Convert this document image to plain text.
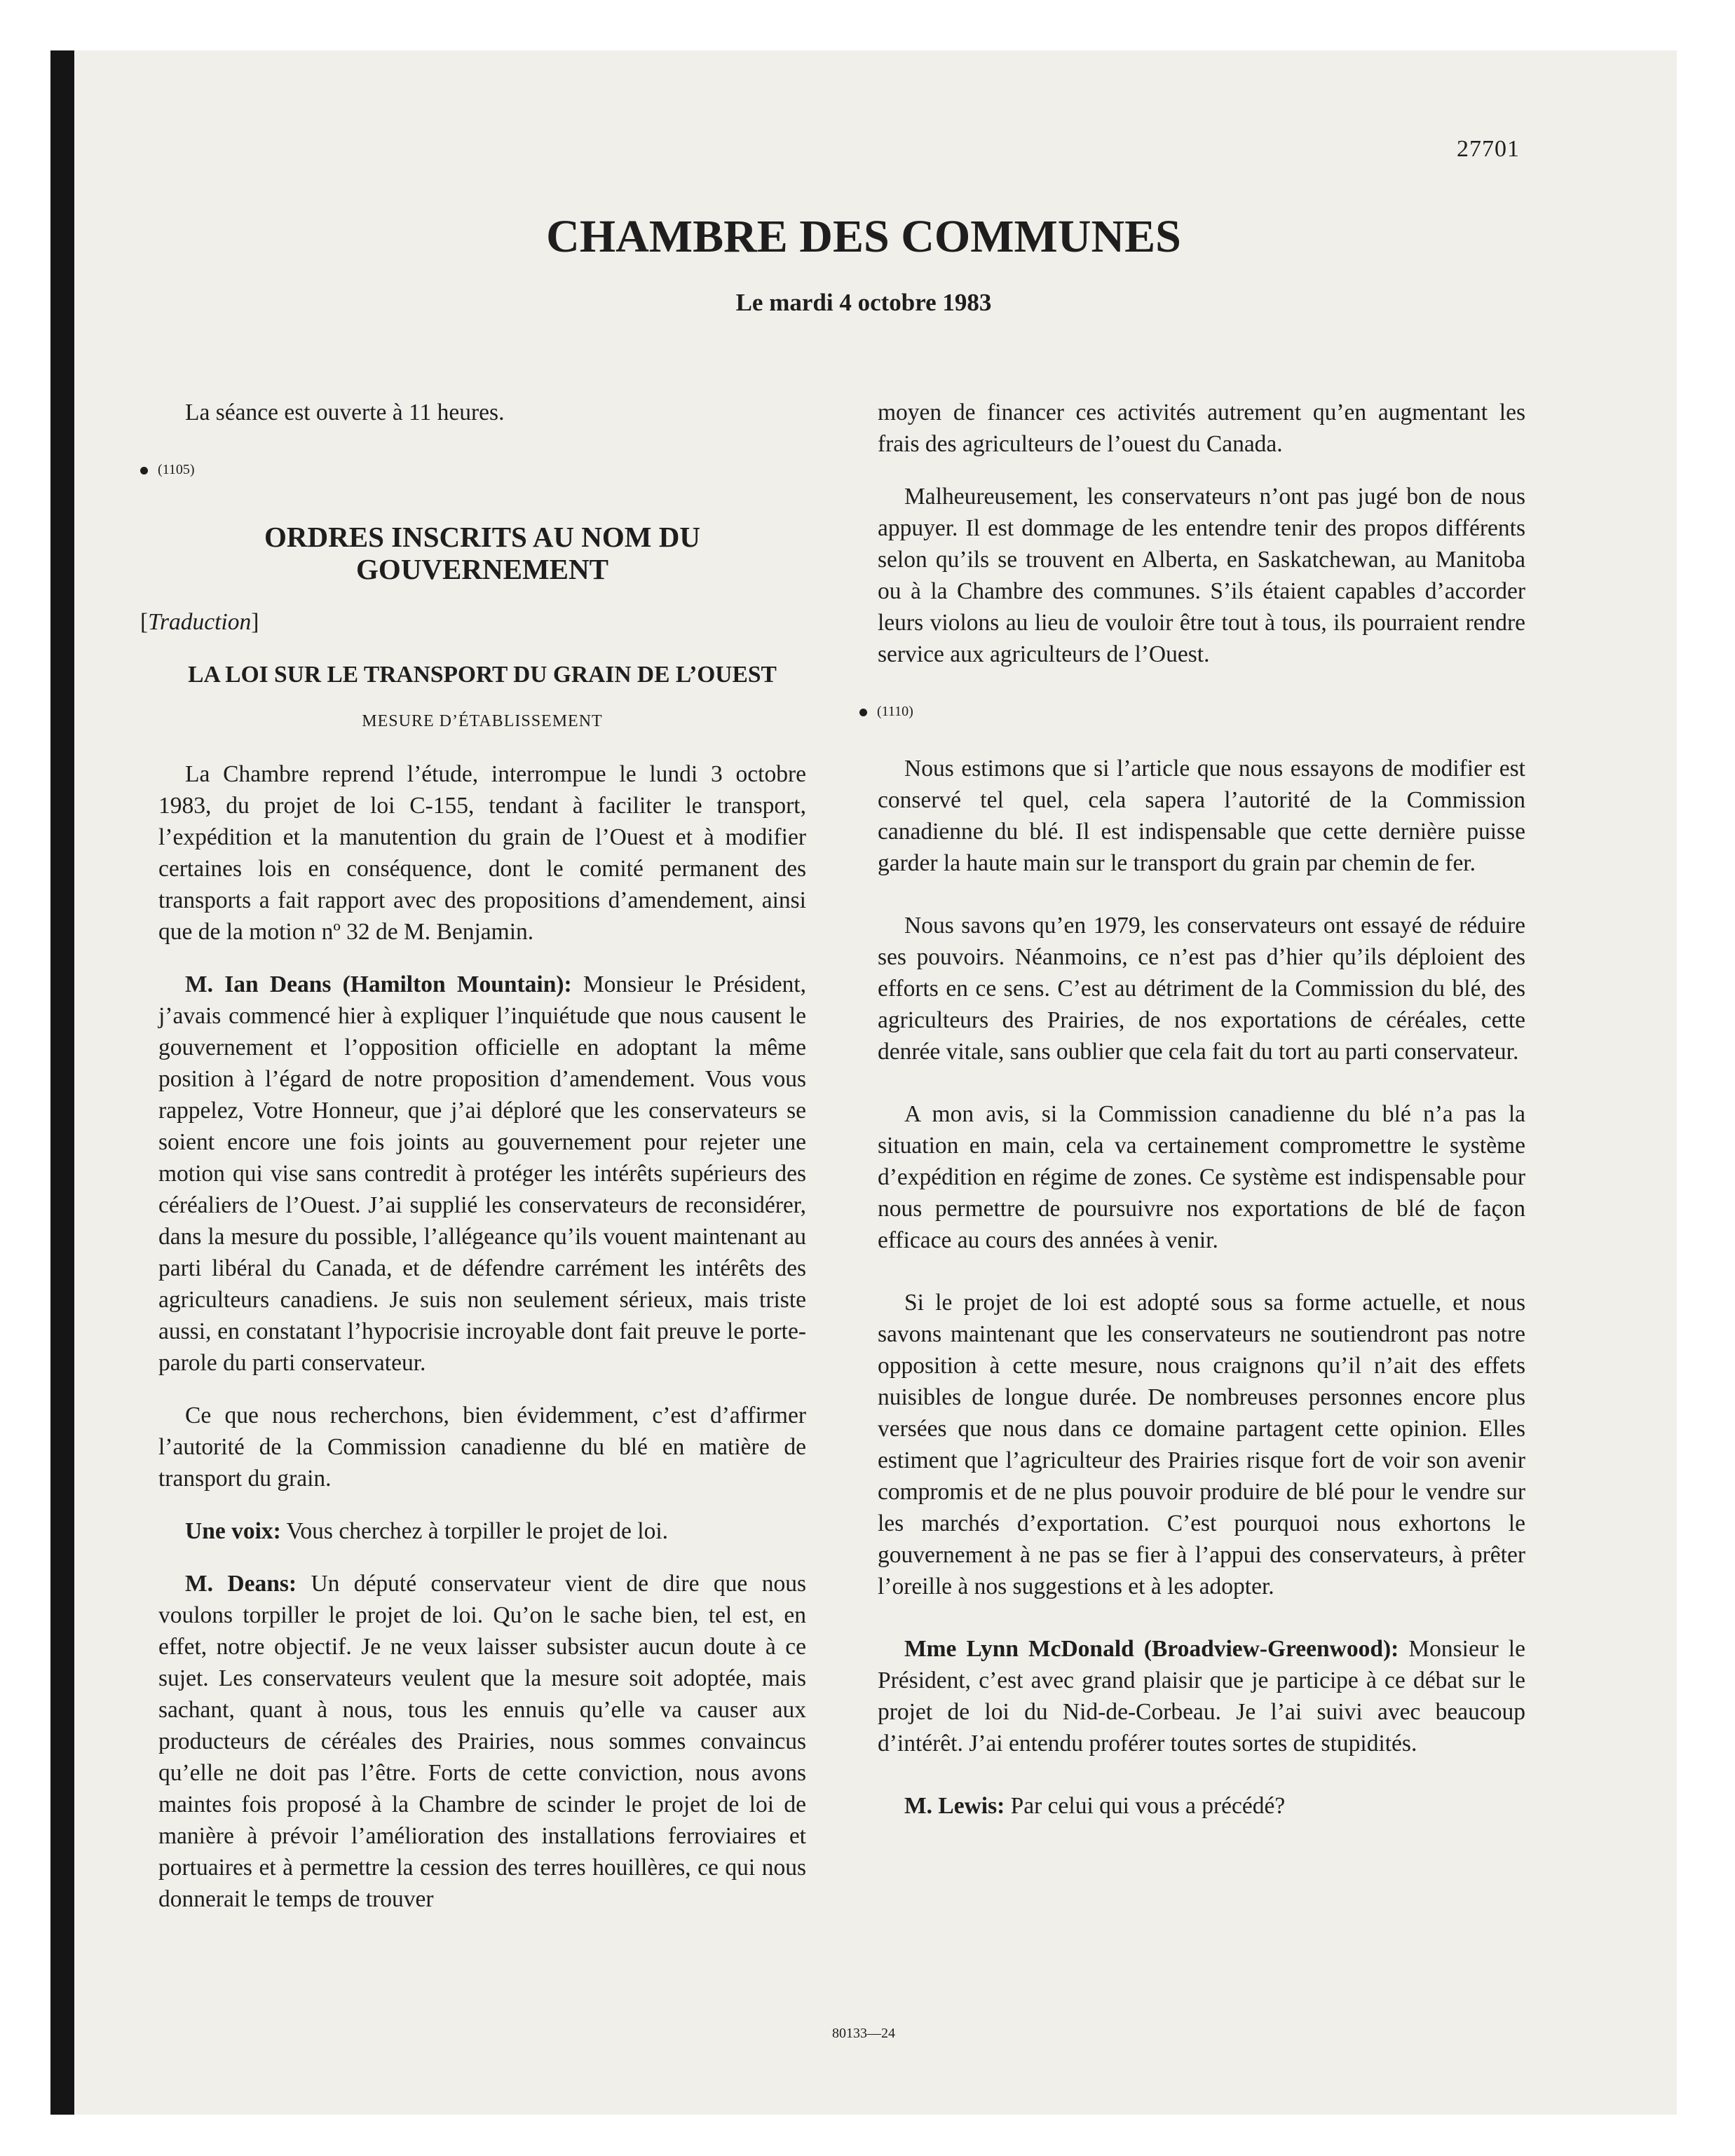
27701
CHAMBRE DES COMMUNES
Le mardi 4 octobre 1983

La séance est ouverte à 11 heures.

(1105)
ORDRES INSCRITS AU NOM DU GOUVERNEMENT
[Traduction]
LA LOI SUR LE TRANSPORT DU GRAIN DE L’OUEST
MESURE D’ÉTABLISSEMENT

La Chambre reprend l’étude, interrompue le lundi 3 octobre 1983, du projet de loi C-155, tendant à faciliter le transport, l’expédition et la manutention du grain de l’Ouest et à modifier certaines lois en conséquence, dont le comité permanent des transports a fait rapport avec des propositions d’amendement, ainsi que de la motion nº 32 de M. Benjamin.

M. Ian Deans (Hamilton Mountain): Monsieur le Président, j’avais commencé hier à expliquer l’inquiétude que nous causent le gouvernement et l’opposition officielle en adoptant la même position à l’égard de notre proposition d’amendement. Vous vous rappelez, Votre Honneur, que j’ai déploré que les conservateurs se soient encore une fois joints au gouvernement pour rejeter une motion qui vise sans contredit à protéger les intérêts supérieurs des céréaliers de l’Ouest. J’ai supplié les conservateurs de reconsidérer, dans la mesure du possible, l’allégeance qu’ils vouent maintenant au parti libéral du Canada, et de défendre carrément les intérêts des agriculteurs canadiens. Je suis non seulement sérieux, mais triste aussi, en constatant l’hypocrisie incroyable dont fait preuve le porte-parole du parti conservateur.

Ce que nous recherchons, bien évidemment, c’est d’affirmer l’autorité de la Commission canadienne du blé en matière de transport du grain.

Une voix: Vous cherchez à torpiller le projet de loi.

M. Deans: Un député conservateur vient de dire que nous voulons torpiller le projet de loi. Qu’on le sache bien, tel est, en effet, notre objectif. Je ne veux laisser subsister aucun doute à ce sujet. Les conservateurs veulent que la mesure soit adoptée, mais sachant, quant à nous, tous les ennuis qu’elle va causer aux producteurs de céréales des Prairies, nous sommes convaincus qu’elle ne doit pas l’être. Forts de cette conviction, nous avons maintes fois proposé à la Chambre de scinder le projet de loi de manière à prévoir l’amélioration des installations ferroviaires et portuaires et à permettre la cession des terres houillères, ce qui nous donnerait le temps de trouver

moyen de financer ces activités autrement qu’en augmentant les frais des agriculteurs de l’ouest du Canada.

Malheureusement, les conservateurs n’ont pas jugé bon de nous appuyer. Il est dommage de les entendre tenir des propos différents selon qu’ils se trouvent en Alberta, en Saskatchewan, au Manitoba ou à la Chambre des communes. S’ils étaient capables d’accorder leurs violons au lieu de vouloir être tout à tous, ils pourraient rendre service aux agriculteurs de l’Ouest.

(1110)

Nous estimons que si l’article que nous essayons de modifier est conservé tel quel, cela sapera l’autorité de la Commission canadienne du blé. Il est indispensable que cette dernière puisse garder la haute main sur le transport du grain par chemin de fer.

Nous savons qu’en 1979, les conservateurs ont essayé de réduire ses pouvoirs. Néanmoins, ce n’est pas d’hier qu’ils déploient des efforts en ce sens. C’est au détriment de la Commission du blé, des agriculteurs des Prairies, de nos exportations de céréales, cette denrée vitale, sans oublier que cela fait du tort au parti conservateur.

A mon avis, si la Commission canadienne du blé n’a pas la situation en main, cela va certainement compromettre le système d’expédition en régime de zones. Ce système est indispensable pour nous permettre de poursuivre nos exportations de blé de façon efficace au cours des années à venir.

Si le projet de loi est adopté sous sa forme actuelle, et nous savons maintenant que les conservateurs ne soutiendront pas notre opposition à cette mesure, nous craignons qu’il n’ait des effets nuisibles de longue durée. De nombreuses personnes encore plus versées que nous dans ce domaine partagent cette opinion. Elles estiment que l’agriculteur des Prairies risque fort de voir son avenir compromis et de ne plus pouvoir produire de blé pour le vendre sur les marchés d’exportation. C’est pourquoi nous exhortons le gouvernement à ne pas se fier à l’appui des conservateurs, à prêter l’oreille à nos suggestions et à les adopter.

Mme Lynn McDonald (Broadview-Greenwood): Monsieur le Président, c’est avec grand plaisir que je participe à ce débat sur le projet de loi du Nid-de-Corbeau. Je l’ai suivi avec beaucoup d’intérêt. J’ai entendu proférer toutes sortes de stupidités.

M. Lewis: Par celui qui vous a précédé?

80133—24
